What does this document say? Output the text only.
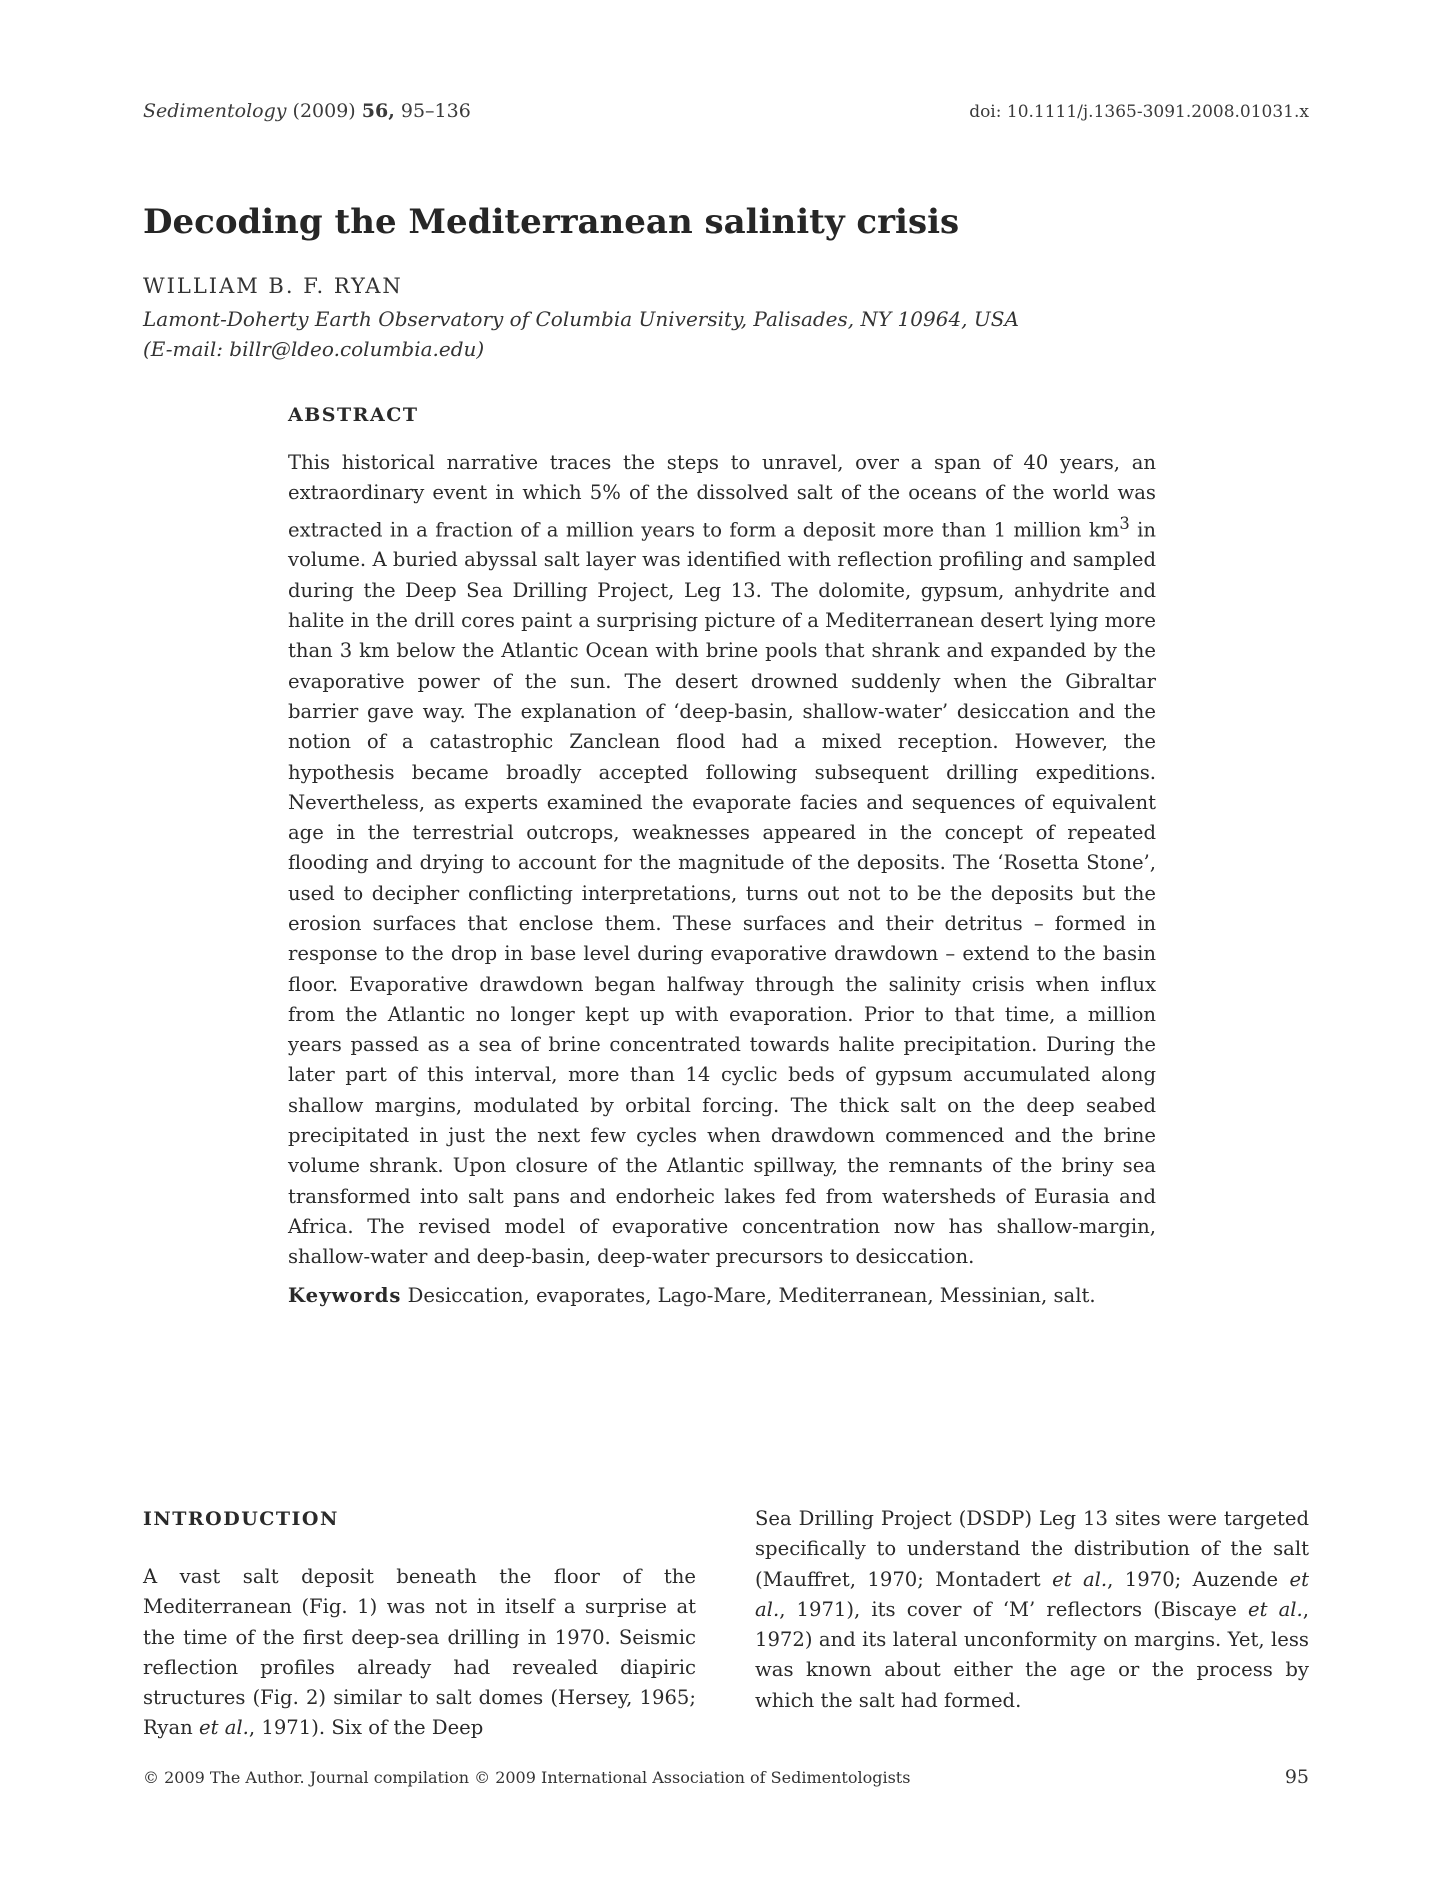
Sedimentology (2009) 56, 95–136	doi: 10.1111/j.1365-3091.2008.01031.x
Decoding the Mediterranean salinity crisis
WILLIAM B. F. RYAN
Lamont-Doherty Earth Observatory of Columbia University, Palisades, NY 10964, USA
(E-mail: billr@ldeo.columbia.edu)
ABSTRACT

This historical narrative traces the steps to unravel, over a span of 40 years, an extraordinary event in which 5% of the dissolved salt of the oceans of the world was extracted in a fraction of a million years to form a deposit more than 1 million $km^3$ in volume. A buried abyssal salt layer was identified with reflection profiling and sampled during the Deep Sea Drilling Project, Leg 13. The dolomite, gypsum, anhydrite and halite in the drill cores paint a surprising picture of a Mediterranean desert lying more than 3 km below the Atlantic Ocean with brine pools that shrank and expanded by the evaporative power of the sun. The desert drowned suddenly when the Gibraltar barrier gave way. The explanation of ‘deep-basin, shallow-water’ desiccation and the notion of a catastrophic Zanclean flood had a mixed reception. However, the hypothesis became broadly accepted following subsequent drilling expeditions. Nevertheless, as experts examined the evaporate facies and sequences of equivalent age in the terrestrial outcrops, weaknesses appeared in the concept of repeated flooding and drying to account for the magnitude of the deposits. The ‘Rosetta Stone’, used to decipher conflicting interpretations, turns out not to be the deposits but the erosion surfaces that enclose them. These surfaces and their detritus – formed in response to the drop in base level during evaporative drawdown – extend to the basin floor. Evaporative drawdown began halfway through the salinity crisis when influx from the Atlantic no longer kept up with evaporation. Prior to that time, a million years passed as a sea of brine concentrated towards halite precipitation. During the later part of this interval, more than 14 cyclic beds of gypsum accumulated along shallow margins, modulated by orbital forcing. The thick salt on the deep seabed precipitated in just the next few cycles when drawdown commenced and the brine volume shrank. Upon closure of the Atlantic spillway, the remnants of the briny sea transformed into salt pans and endorheic lakes fed from watersheds of Eurasia and Africa. The revised model of evaporative concentration now has shallow-margin, shallow-water and deep-basin, deep-water precursors to desiccation.

Keywords Desiccation, evaporates, Lago-Mare, Mediterranean, Messinian, salt.

INTRODUCTION

A vast salt deposit beneath the floor of the Mediterranean (Fig. 1) was not in itself a surprise at the time of the first deep-sea drilling in 1970. Seismic reflection profiles already had revealed diapiric structures (Fig. 2) similar to salt domes (Hersey, 1965; Ryan et al., 1971). Six of the Deep

Sea Drilling Project (DSDP) Leg 13 sites were targeted specifically to understand the distribution of the salt (Mauffret, 1970; Montadert et al., 1970; Auzende et al., 1971), its cover of ‘M’ reflectors (Biscaye et al., 1972) and its lateral unconformity on margins. Yet, less was known about either the age or the process by which the salt had formed.

© 2009 The Author. Journal compilation © 2009 International Association of Sedimentologists	95
